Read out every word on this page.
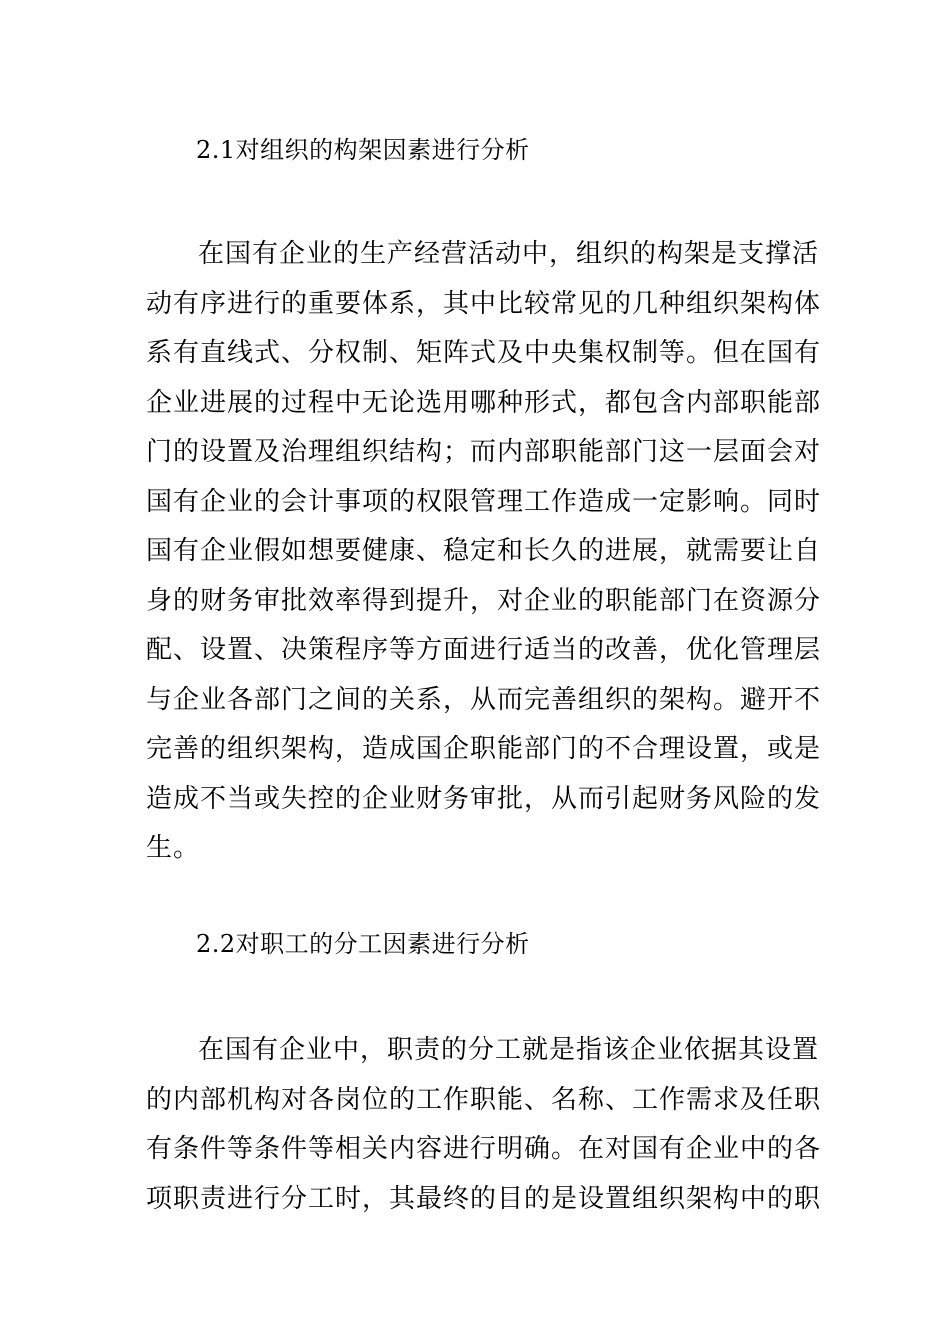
2.1对组织的构架因素进行分析
在国有企业的生产经营活动中，组织的构架是支撑活
动有序进行的重要体系，其中比较常见的几种组织架构体
系有直线式、分权制、矩阵式及中央集权制等。但在国有
企业进展的过程中无论选用哪种形式，都包含内部职能部
门的设置及治理组织结构；而内部职能部门这一层面会对
国有企业的会计事项的权限管理工作造成一定影响。同时
国有企业假如想要健康、稳定和长久的进展，就需要让自
身的财务审批效率得到提升，对企业的职能部门在资源分
配、设置、决策程序等方面进行适当的改善，优化管理层
与企业各部门之间的关系，从而完善组织的架构。避开不
完善的组织架构，造成国企职能部门的不合理设置，或是
造成不当或失控的企业财务审批，从而引起财务风险的发
生。
2.2对职工的分工因素进行分析
在国有企业中，职责的分工就是指该企业依据其设置
的内部机构对各岗位的工作职能、名称、工作需求及任职
有条件等条件等相关内容进行明确。在对国有企业中的各
项职责进行分工时，其最终的目的是设置组织架构中的职
